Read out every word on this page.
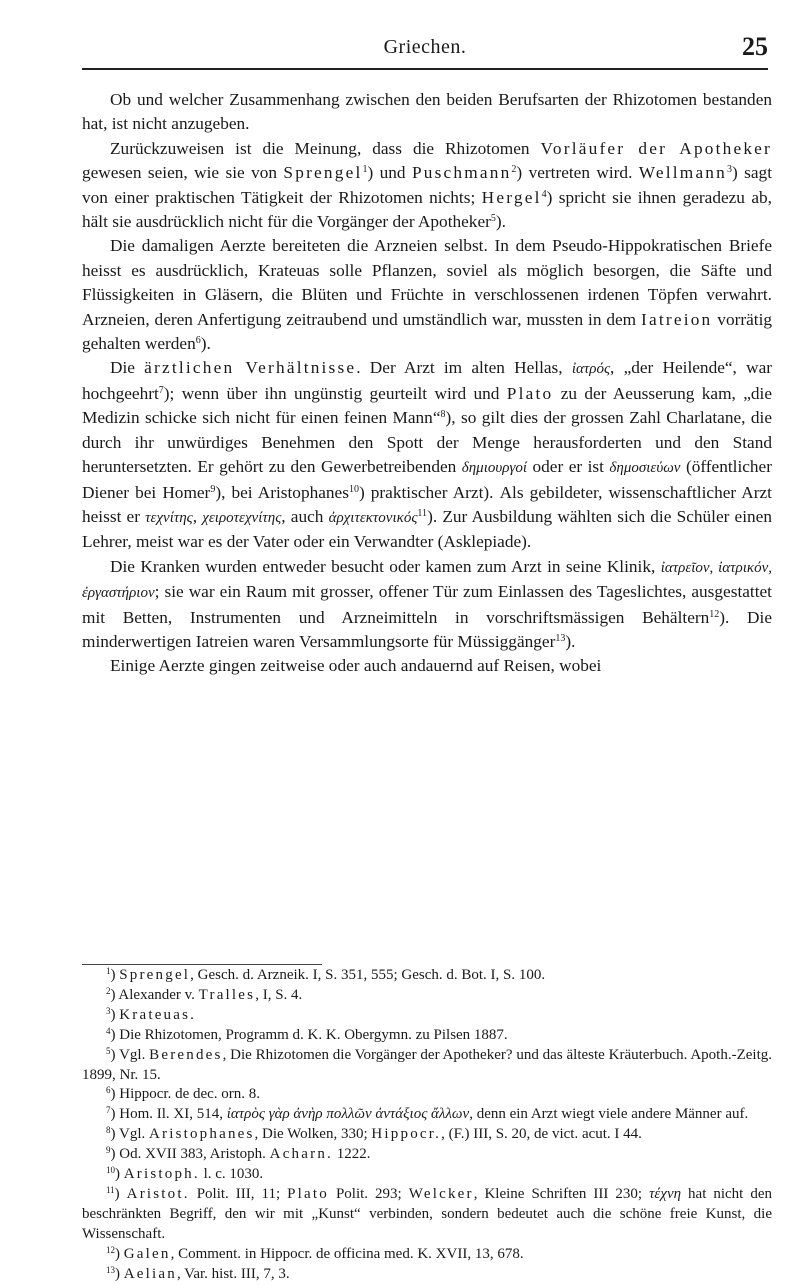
Griechen.	25

Ob und welcher Zusammenhang zwischen den beiden Berufsarten der Rhizotomen bestanden hat, ist nicht anzugeben.

Zurückzuweisen ist die Meinung, dass die Rhizotomen Vorläufer der Apotheker gewesen seien, wie sie von Sprengel$^1$) und Puschmann$^2$) vertreten wird. Wellmann$^3$) sagt von einer praktischen Tätigkeit der Rhizotomen nichts; Hergel$^4$) spricht sie ihnen geradezu ab, hält sie ausdrücklich nicht für die Vorgänger der Apotheker$^5$).

Die damaligen Aerzte bereiteten die Arzneien selbst. In dem Pseudo-Hippokratischen Briefe heisst es ausdrücklich, Krateuas solle Pflanzen, soviel als möglich besorgen, die Säfte und Flüssigkeiten in Gläsern, die Blüten und Früchte in verschlossenen irdenen Töpfen verwahrt. Arzneien, deren Anfertigung zeitraubend und umständlich war, mussten in dem Iatreion vorrätig gehalten werden$^6$).

Die ärztlichen Verhältnisse. Der Arzt im alten Hellas, ἰατρός, „der Heilende“, war hochgeehrt$^7$); wenn über ihn ungünstig geurteilt wird und Plato zu der Aeusserung kam, „die Medizin schicke sich nicht für einen feinen Mann“$^8$), so gilt dies der grossen Zahl Charlatane, die durch ihr unwürdiges Benehmen den Spott der Menge herausforderten und den Stand heruntersetzten. Er gehört zu den Gewerbetreibenden δημιουργοί oder er ist δημοσιεύων (öffentlicher Diener bei Homer$^9$), bei Aristophanes$^{10}$) praktischer Arzt). Als gebildeter, wissenschaftlicher Arzt heisst er τεχνίτης, χειροτεχνίτης, auch ἀρχιτεκτονικός$^{11}$). Zur Ausbildung wählten sich die Schüler einen Lehrer, meist war es der Vater oder ein Verwandter (Asklepiade).

Die Kranken wurden entweder besucht oder kamen zum Arzt in seine Klinik, ἰατρεῖον, ἰατρικόν, ἐργαστήριον; sie war ein Raum mit grosser, offener Tür zum Einlassen des Tageslichtes, ausgestattet mit Betten, Instrumenten und Arzneimitteln in vorschriftsmässigen Behältern$^{12}$). Die minderwertigen Iatreien waren Versammlungsorte für Müssiggänger$^{13}$).

Einige Aerzte gingen zeitweise oder auch andauernd auf Reisen, wobei

$^1$) Sprengel, Gesch. d. Arzneik. I, S. 351, 555; Gesch. d. Bot. I, S. 100.

$^2$) Alexander v. Tralles, I, S. 4.

$^3$) Krateuas.

$^4$) Die Rhizotomen, Programm d. K. K. Obergymn. zu Pilsen 1887.

$^5$) Vgl. Berendes, Die Rhizotomen die Vorgänger der Apotheker? und das älteste Kräuterbuch. Apoth.-Zeitg. 1899, Nr. 15.

$^6$) Hippocr. de dec. orn. 8.

$^7$) Hom. Il. XI, 514, ἰατρὸς γὰρ ἀνὴρ πολλῶν ἀντάξιος ἄλλων, denn ein Arzt wiegt viele andere Männer auf.

$^8$) Vgl. Aristophanes, Die Wolken, 330; Hippocr., (F.) III, S. 20, de vict. acut. I 44.

$^9$) Od. XVII 383, Aristoph. Acharn. 1222.

$^{10}$) Aristoph. l. c. 1030.

$^{11}$) Aristot. Polit. III, 11; Plato Polit. 293; Welcker, Kleine Schriften III 230; τέχνη hat nicht den beschränkten Begriff, den wir mit „Kunst“ verbinden, sondern bedeutet auch die schöne freie Kunst, die Wissenschaft.

$^{12}$) Galen, Comment. in Hippocr. de officina med. K. XVII, 13, 678.

$^{13}$) Aelian, Var. hist. III, 7, 3.
